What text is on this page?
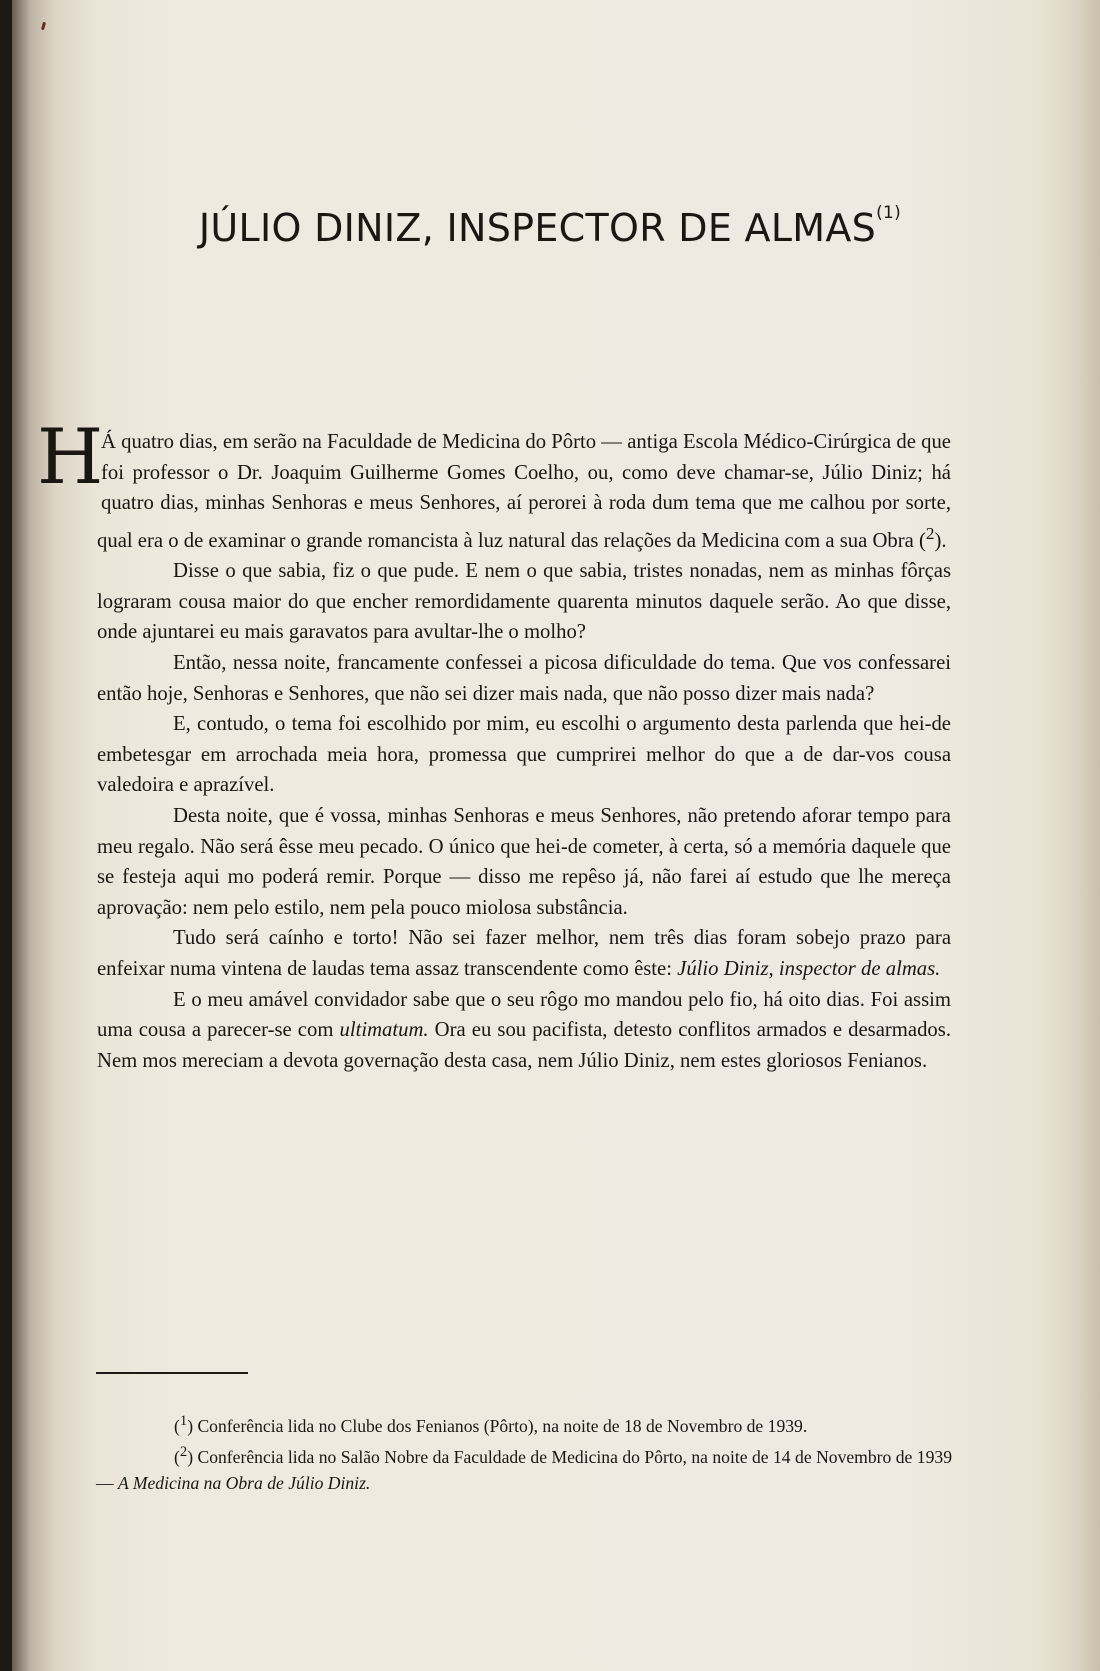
JÚLIO DINIZ, INSPECTOR DE ALMAS$^{(1)}$

H
Á quatro dias, em serão na Faculdade de Medicina do Pôrto — antiga Escola Médico-Cirúrgica de que foi professor o Dr. Joaquim Guilherme Gomes Coelho, ou, como deve chamar-se, Júlio Diniz; há quatro dias, minhas Senhoras e meus Senhores, aí perorei à roda dum tema que me calhou por sorte, qual era o de examinar o grande romancista à luz natural das relações da Medicina com a sua Obra ($^2$).

Disse o que sabia, fiz o que pude. E nem o que sabia, tristes nonadas, nem as minhas fôrças lograram cousa maior do que encher remordidamente quarenta minutos daquele serão. Ao que disse, onde ajuntarei eu mais garavatos para avultar-lhe o molho?

Então, nessa noite, francamente confessei a picosa dificuldade do tema. Que vos confessarei então hoje, Senhoras e Senhores, que não sei dizer mais nada, que não posso dizer mais nada?

E, contudo, o tema foi escolhido por mim, eu escolhi o argumento desta parlenda que hei-de embetesgar em arrochada meia hora, promessa que cumprirei melhor do que a de dar-vos cousa valedoira e aprazível.

Desta noite, que é vossa, minhas Senhoras e meus Senhores, não pretendo aforar tempo para meu regalo. Não será êsse meu pecado. O único que hei-de cometer, à certa, só a memória daquele que se festeja aqui mo poderá remir. Porque — disso me repêso já, não farei aí estudo que lhe mereça aprovação: nem pelo estilo, nem pela pouco miolosa substância.

Tudo será caínho e torto! Não sei fazer melhor, nem três dias foram sobejo prazo para enfeixar numa vintena de laudas tema assaz transcendente como êste: Júlio Diniz, inspector de almas.

E o meu amável convidador sabe que o seu rôgo mo mandou pelo fio, há oito dias. Foi assim uma cousa a parecer-se com ultimatum. Ora eu sou pacifista, detesto conflitos armados e desarmados. Nem mos mereciam a devota governação desta casa, nem Júlio Diniz, nem estes gloriosos Fenianos.

($^1$) Conferência lida no Clube dos Fenianos (Pôrto), na noite de 18 de Novembro de 1939.

($^2$) Conferência lida no Salão Nobre da Faculdade de Medicina do Pôrto, na noite de 14 de Novembro de 1939 — A Medicina na Obra de Júlio Diniz.
